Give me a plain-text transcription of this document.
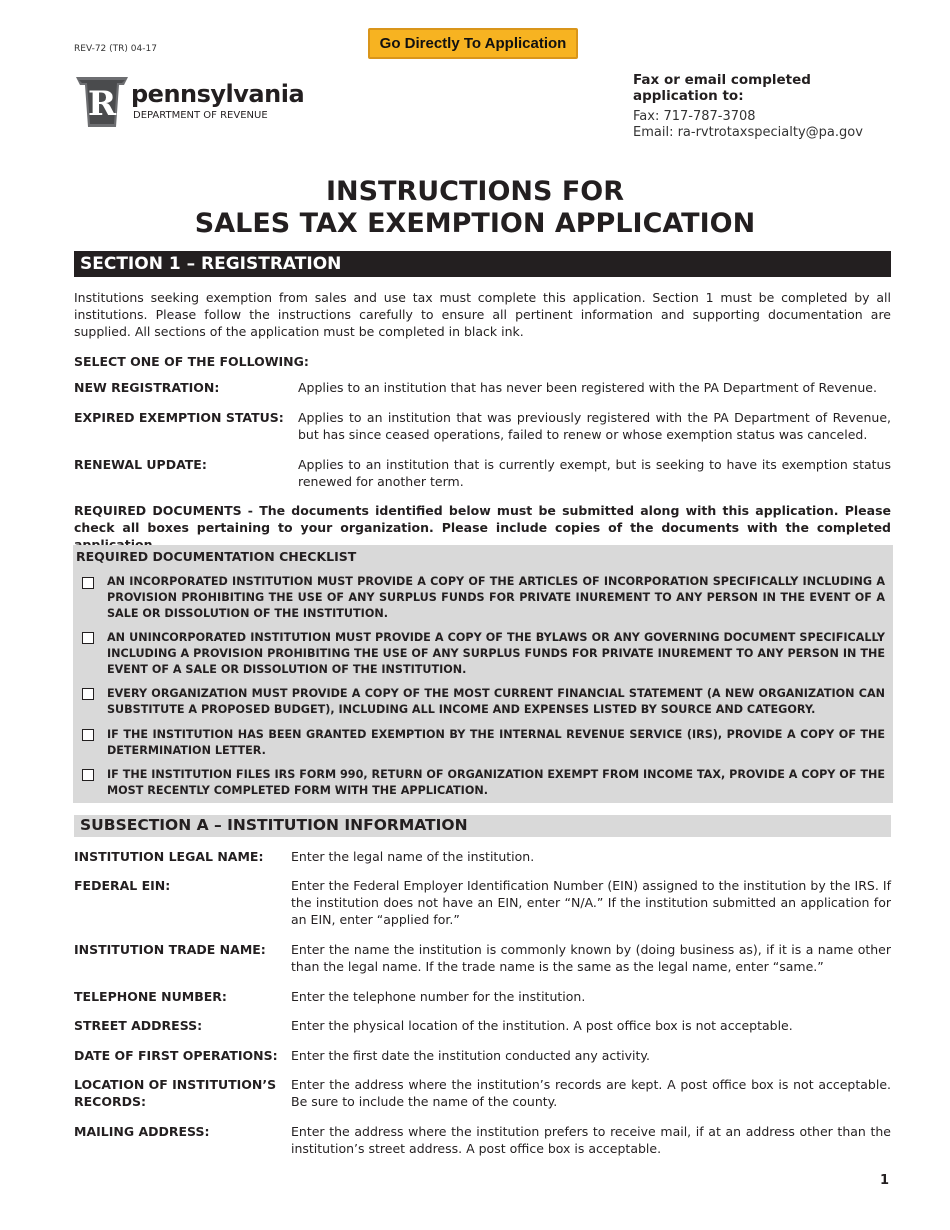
REV-72 (TR) 04-17	Go Directly To Application
R pennsylvania
DEPARTMENT OF REVENUE
Fax or email completed application to:
Fax: 717-787-3708
Email: ra-rvtrotaxspecialty@pa.gov
INSTRUCTIONS FOR
SALES TAX EXEMPTION APPLICATION
SECTION 1 – REGISTRATION
Institutions seeking exemption from sales and use tax must complete this application. Section 1 must be completed by all institutions. Please follow the instructions carefully to ensure all pertinent information and supporting documentation are supplied. All sections of the application must be completed in black ink.
SELECT ONE OF THE FOLLOWING:
NEW REGISTRATION:	Applies to an institution that has never been registered with the PA Department of Revenue.
EXPIRED EXEMPTION STATUS: Applies to an institution that was previously registered with the PA Department of Revenue, but has since ceased operations, failed to renew or whose exemption status was canceled.
RENEWAL UPDATE:	Applies to an institution that is currently exempt, but is seeking to have its exemption status renewed for another term.
REQUIRED DOCUMENTS - The documents identified below must be submitted along with this application. Please check all boxes pertaining to your organization. Please include copies of the documents with the completed
REQUIRED DOCUMENTATION CHECKLIST
AN INCORPORATED INSTITUTION MUST PROVIDE A COPY OF THE ARTICLES OF INCORPORATION SPECIFICALLY INCLUDING A PROVISION PROHIBITING THE USE OF ANY SURPLUS FUNDS FOR PRIVATE INUREMENT TO ANY PERSON IN THE EVENT OF A SALE OR DISSOLUTION OF THE INSTITUTION.
AN UNINCORPORATED INSTITUTION MUST PROVIDE A COPY OF THE BYLAWS OR ANY GOVERNING DOCUMENT SPECIFICALLY INCLUDING A PROVISION PROHIBITING THE USE OF ANY SURPLUS FUNDS FOR PRIVATE INUREMENT TO ANY PERSON IN THE EVENT OF A SALE OR DISSOLUTION OF THE INSTITUTION.
EVERY ORGANIZATION MUST PROVIDE A COPY OF THE MOST CURRENT FINANCIAL STATEMENT (A NEW ORGANIZATION CAN SUBSTITUTE A PROPOSED BUDGET), INCLUDING ALL INCOME AND EXPENSES LISTED BY SOURCE AND CATEGORY.
IF THE INSTITUTION HAS BEEN GRANTED EXEMPTION BY THE INTERNAL REVENUE SERVICE (IRS), PROVIDE A COPY OF THE DETERMINATION LETTER.
IF THE INSTITUTION FILES IRS FORM 990, RETURN OF ORGANIZATION EXEMPT FROM INCOME TAX, PROVIDE A COPY OF THE MOST RECENTLY COMPLETED FORM WITH THE APPLICATION.
SUBSECTION A – INSTITUTION INFORMATION
INSTITUTION LEGAL NAME: Enter the legal name of the institution.
FEDERAL EIN:	Enter the Federal Employer Identification Number (EIN) assigned to the institution by the IRS. If the institution does not have an EIN, enter “N/A.” If the institution submitted an application for an EIN, enter “applied for.”
INSTITUTION TRADE NAME: Enter the name the institution is commonly known by (doing business as), if it is a name other than the legal name. If the trade name is the same as the legal name, enter “same.”
TELEPHONE NUMBER:	Enter the telephone number for the institution.
STREET ADDRESS:	Enter the physical location of the institution. A post office box is not acceptable.
DATE OF FIRST OPERATIONS: Enter the first date the institution conducted any activity.
LOCATION OF INSTITUTION’S RECORDS:
Enter the address where the institution’s records are kept. A post office box is not acceptable. Be sure to include the name of the county.
MAILING ADDRESS:	Enter the address where the institution prefers to receive mail, if at an address other than the institution’s street address. A post office box is acceptable.
1
